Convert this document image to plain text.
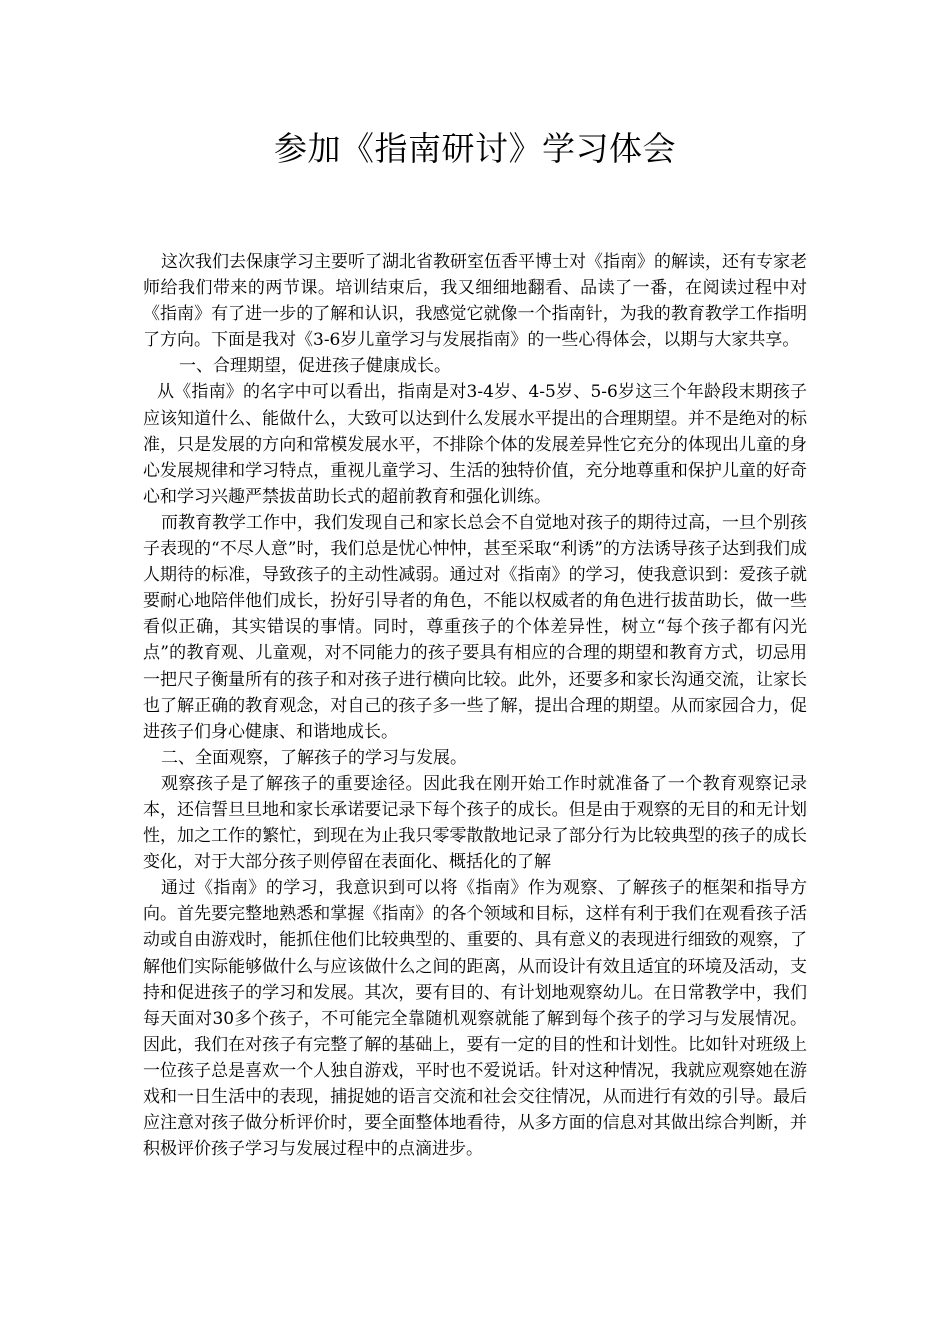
参加《指南研讨》学习体会

这次我们去保康学习主要听了湖北省教研室伍香平博士对《指南》的解读，还有专家老师给我们带来的两节课。培训结束后，我又细细地翻看、品读了一番，在阅读过程中对《指南》有了进一步的了解和认识，我感觉它就像一个指南针，为我的教育教学工作指明了方向。下面是我对《3-6岁儿童学习与发展指南》的一些心得体会，以期与大家共享。

一、合理期望，促进孩子健康成长。

从《指南》的名字中可以看出，指南是对3-4岁、4-5岁、5-6岁这三个年龄段末期孩子应该知道什么、能做什么，大致可以达到什么发展水平提出的合理期望。并不是绝对的标准，只是发展的方向和常模发展水平，不排除个体的发展差异性它充分的体现出儿童的身心发展规律和学习特点，重视儿童学习、生活的独特价值，充分地尊重和保护儿童的好奇心和学习兴趣严禁拔苗助长式的超前教育和强化训练。

而教育教学工作中，我们发现自己和家长总会不自觉地对孩子的期待过高，一旦个别孩子表现的“不尽人意”时，我们总是忧心忡忡，甚至采取“利诱”的方法诱导孩子达到我们成人期待的标准，导致孩子的主动性减弱。通过对《指南》的学习，使我意识到：爱孩子就要耐心地陪伴他们成长，扮好引导者的角色，不能以权威者的角色进行拔苗助长，做一些看似正确，其实错误的事情。同时，尊重孩子的个体差异性，树立“每个孩子都有闪光点”的教育观、儿童观，对不同能力的孩子要具有相应的合理的期望和教育方式，切忌用一把尺子衡量所有的孩子和对孩子进行横向比较。此外，还要多和家长沟通交流，让家长也了解正确的教育观念，对自己的孩子多一些了解，提出合理的期望。从而家园合力，促进孩子们身心健康、和谐地成长。

二、全面观察，了解孩子的学习与发展。

观察孩子是了解孩子的重要途径。因此我在刚开始工作时就准备了一个教育观察记录本，还信誓旦旦地和家长承诺要记录下每个孩子的成长。但是由于观察的无目的和无计划性，加之工作的繁忙，到现在为止我只零零散散地记录了部分行为比较典型的孩子的成长变化，对于大部分孩子则停留在表面化、概括化的了解

通过《指南》的学习，我意识到可以将《指南》作为观察、了解孩子的框架和指导方向。首先要完整地熟悉和掌握《指南》的各个领域和目标，这样有利于我们在观看孩子活动或自由游戏时，能抓住他们比较典型的、重要的、具有意义的表现进行细致的观察，了解他们实际能够做什么与应该做什么之间的距离，从而设计有效且适宜的环境及活动，支持和促进孩子的学习和发展。其次，要有目的、有计划地观察幼儿。在日常教学中，我们每天面对30多个孩子，不可能完全靠随机观察就能了解到每个孩子的学习与发展情况。因此，我们在对孩子有完整了解的基础上，要有一定的目的性和计划性。比如针对班级上一位孩子总是喜欢一个人独自游戏，平时也不爱说话。针对这种情况，我就应观察她在游戏和一日生活中的表现，捕捉她的语言交流和社会交往情况，从而进行有效的引导。最后应注意对孩子做分析评价时，要全面整体地看待，从多方面的信息对其做出综合判断，并积极评价孩子学习与发展过程中的点滴进步。
